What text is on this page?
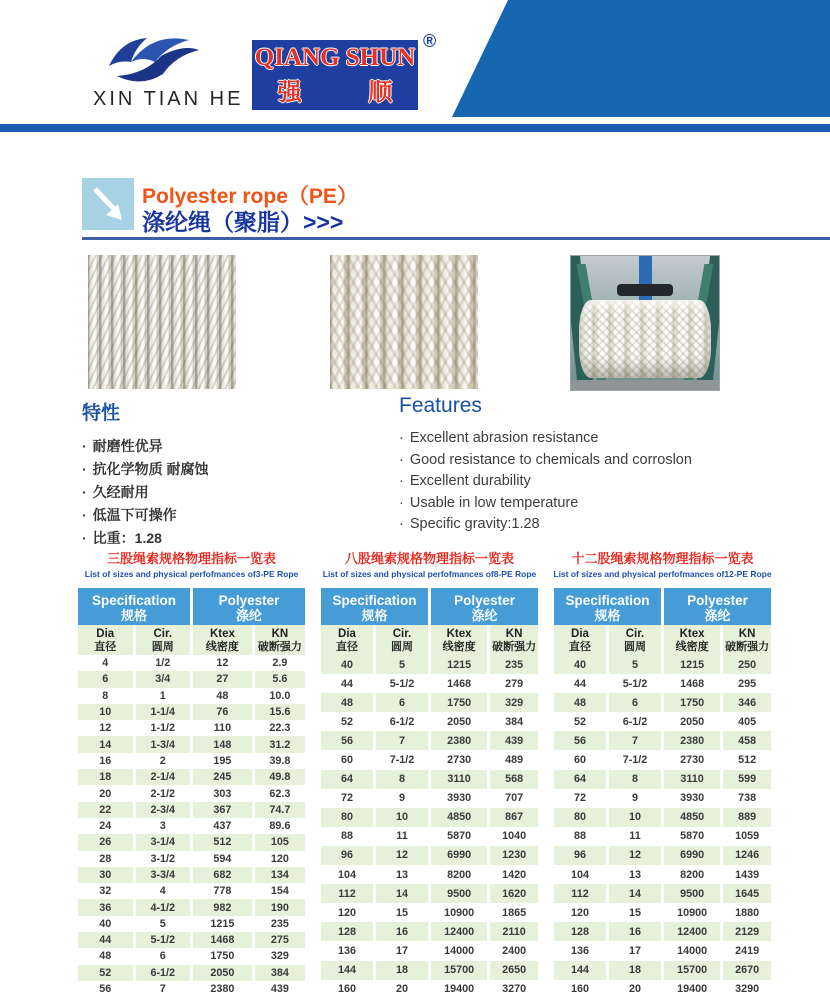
XIN TIAN HE
QIANG SHUN
强 顺
®
Polyester rope（PE）
涤纶绳（聚脂）>>>
特性
· 耐磨性优异
· 抗化学物质 耐腐蚀
· 久经耐用
· 低温下可操作
· 比重：1.28
Features
· Excellent abrasion resistance
· Good resistance to chemicals and corroslon
· Excellent durability
· Usable in low temperature
· Specific gravity:1.28
三股绳索规格物理指标一览表
List of sizes and physical perfofmances of3-PE Rope
Specification
规格

Polyester
涤纶

Dia
直径

Cir.
圆周

Ktex
线密度

KN
破断强力

4	1/2	12	2.9
6	3/4	27	5.6
8	1	48	10.0
10	1-1/4	76	15.6
12	1-1/2	110	22.3
14	1-3/4	148	31.2
16	2	195	39.8
18	2-1/4	245	49.8
20	2-1/2	303	62.3
22	2-3/4	367	74.7
24	3	437	89.6
26	3-1/4	512	105
28	3-1/2	594	120
30	3-3/4	682	134
32	4	778	154
36	4-1/2	982	190
40	5	1215	235
44	5-1/2	1468	275
48	6	1750	329
52	6-1/2	2050	384
56	7	2380	439
八股绳索规格物理指标一览表
List of sizes and physical perfofmances of8-PE Rope
Specification
规格

Polyester
涤纶

Dia
直径

Cir.
圆周

Ktex
线密度

KN
破断强力

40	5	1215	235
44	5-1/2	1468	279
48	6	1750	329
52	6-1/2	2050	384
56	7	2380	439
60	7-1/2	2730	489
64	8	3110	568
72	9	3930	707
80	10	4850	867
88	11	5870	1040
96	12	6990	1230
104	13	8200	1420
112	14	9500	1620
120	15	10900	1865
128	16	12400	2110
136	17	14000	2400
144	18	15700	2650
160	20	19400	3270
十二股绳索规格物理指标一览表
List of sizes and physical perfofmances of12-PE Rope
Specification
规格

Polyester
涤纶

Dia
直径

Cir.
圆周

Ktex
线密度

KN
破断强力

40	5	1215	250
44	5-1/2	1468	295
48	6	1750	346
52	6-1/2	2050	405
56	7	2380	458
60	7-1/2	2730	512
64	8	3110	599
72	9	3930	738
80	10	4850	889
88	11	5870	1059
96	12	6990	1246
104	13	8200	1439
112	14	9500	1645
120	15	10900	1880
128	16	12400	2129
136	17	14000	2419
144	18	15700	2670
160	20	19400	3290
